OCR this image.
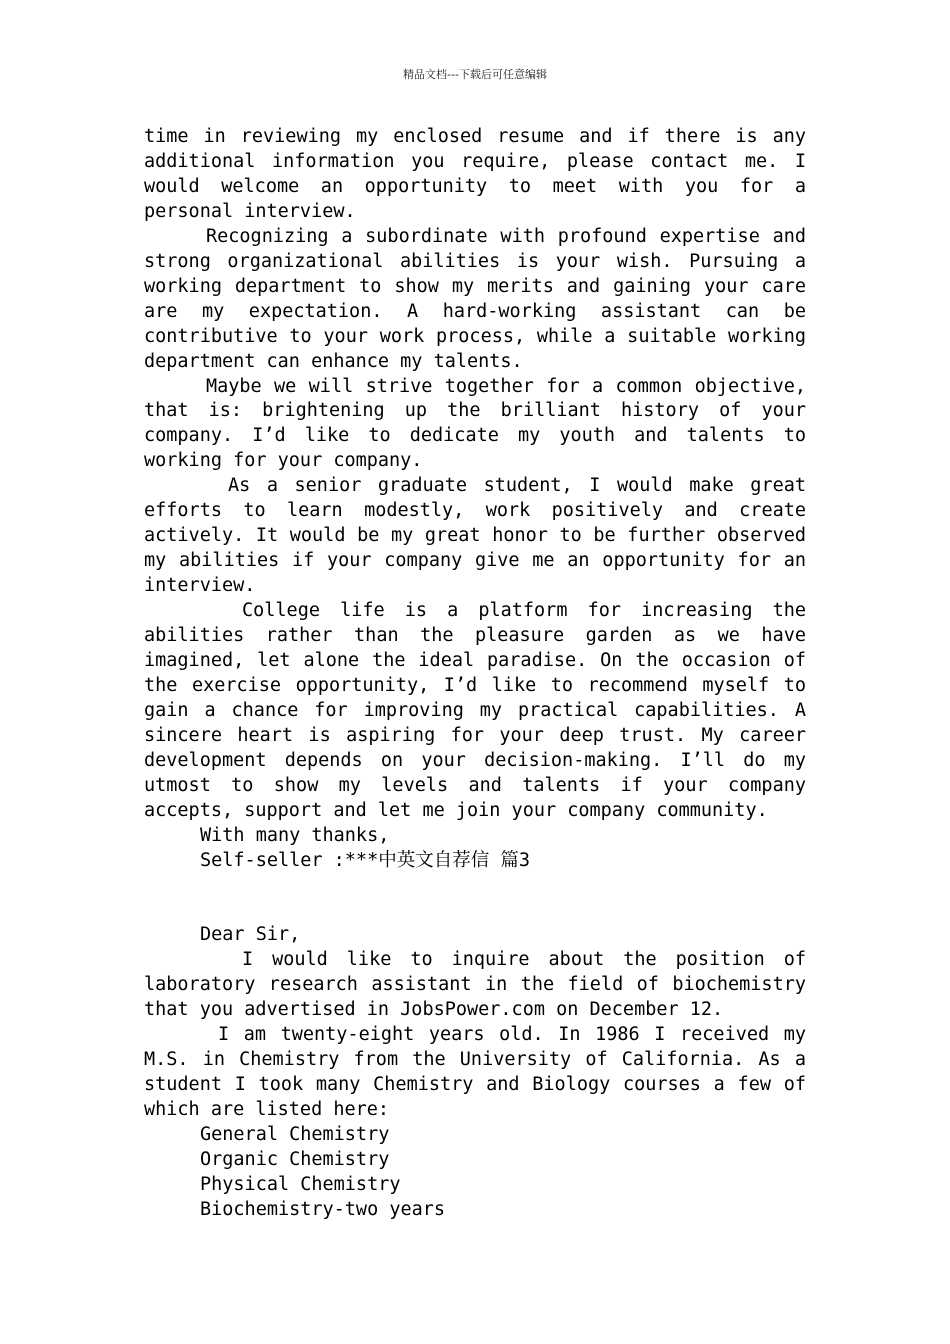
精品文档---下载后可任意编辑

time in reviewing my enclosed resume and if there is any additional information you require, please contact me. I would welcome an opportunity to meet with you for a personal interview.

Recognizing a subordinate with profound expertise and strong organizational abilities is your wish. Pursuing a working department to show my merits and gaining your care are my expectation. A hard-working assistant can be contributive to your work process, while a suitable working department can enhance my talents.

Maybe we will strive together for a common objective, that is: brightening up the brilliant history of your company. I’d like to dedicate my youth and talents to working for your company.

As a senior graduate student, I would make great efforts to learn modestly, work positively and create actively. It would be my great honor to be further observed my abilities if your company give me an opportunity for an interview.

College life is a platform for increasing the abilities rather than the pleasure garden as we have imagined, let alone the ideal paradise. On the occasion of the exercise opportunity, I’d like to recommend myself to gain a chance for improving my practical capabilities. A sincere heart is aspiring for your deep trust. My career development depends on your decision-making. I’ll do my utmost to show my levels and talents if your company accepts, support and let me join your company community.

With many thanks,

Self-seller :***中英文自荐信 篇3

Dear Sir,

I would like to inquire about the position of laboratory research assistant in the field of biochemistry that you advertised in JobsPower.com on December 12.

I am twenty-eight years old. In 1986 I received my M.S. in Chemistry from the University of California. As a student I took many Chemistry and Biology courses a few of which are listed here:

General Chemistry

Organic Chemistry

Physical Chemistry

Biochemistry-two years
